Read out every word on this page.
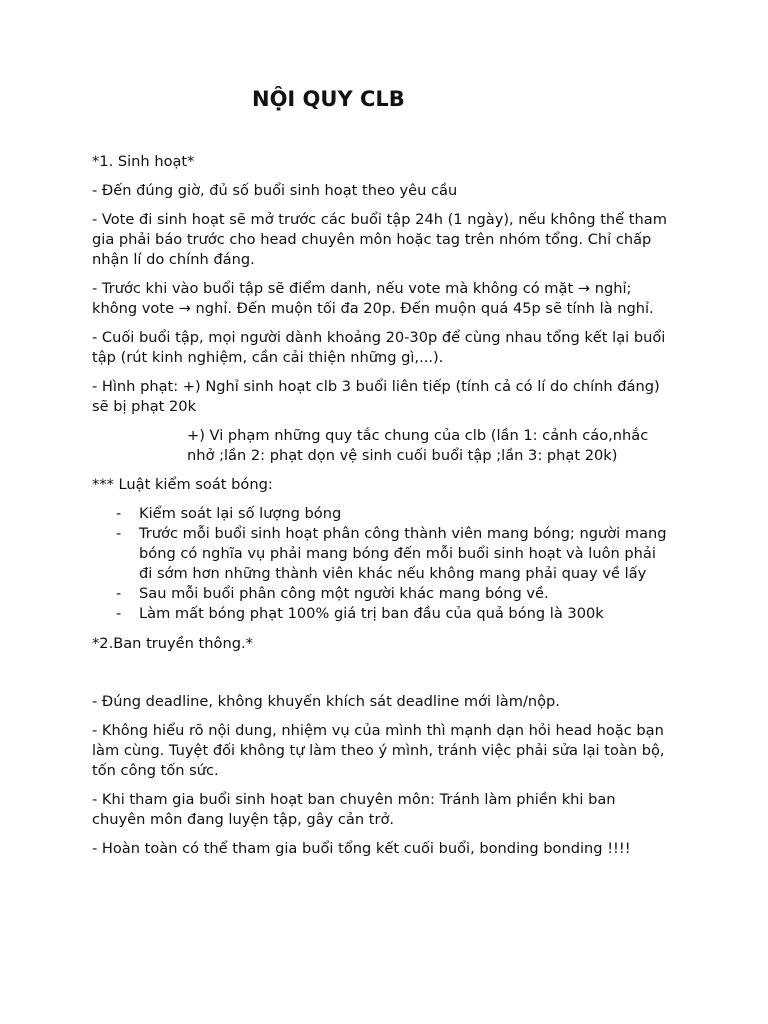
NỘI QUY CLB

*1. Sinh hoạt*

- Đến đúng giờ, đủ số buổi sinh hoạt theo yêu cầu

- Vote đi sinh hoạt sẽ mở trước các buổi tập 24h (1 ngày), nếu không thể tham gia phải báo trước cho head chuyên môn hoặc tag trên nhóm tổng. Chỉ chấp nhận lí do chính đáng.

- Trước khi vào buổi tập sẽ điểm danh, nếu vote mà không có mặt → nghỉ; không vote → nghỉ. Đến muộn tối đa 20p. Đến muộn quá 45p sẽ tính là nghỉ.

- Cuối buổi tập, mọi người dành khoảng 20-30p để cùng nhau tổng kết lại buổi tập (rút kinh nghiệm, cần cải thiện những gì,...).

- Hình phạt: +) Nghỉ sinh hoạt clb 3 buổi liên tiếp (tính cả có lí do chính đáng) sẽ bị phạt 20k

+) Vi phạm những quy tắc chung của clb (lần 1: cảnh cáo,nhắc nhở ;lần 2: phạt dọn vệ sinh cuối buổi tập ;lần 3: phạt 20k)

*** Luật kiểm soát bóng:

- Kiểm soát lại số lượng bóng
- Trước mỗi buổi sinh hoạt phân công thành viên mang bóng; người mang bóng có nghĩa vụ phải mang bóng đến mỗi buổi sinh hoạt và luôn phải đi sớm hơn những thành viên khác nếu không mang phải quay về lấy
- Sau mỗi buổi phân công một người khác mang bóng về.
- Làm mất bóng phạt 100% giá trị ban đầu của quả bóng là 300k

*2.Ban truyền thông.*

- Đúng deadline, không khuyến khích sát deadline mới làm/nộp.

- Không hiểu rõ nội dung, nhiệm vụ của mình thì mạnh dạn hỏi head hoặc bạn làm cùng. Tuyệt đối không tự làm theo ý mình, tránh việc phải sửa lại toàn bộ, tốn công tốn sức.

- Khi tham gia buổi sinh hoạt ban chuyên môn: Tránh làm phiền khi ban chuyên môn đang luyện tập, gây cản trở.

- Hoàn toàn có thể tham gia buổi tổng kết cuối buổi, bonding bonding !!!!
